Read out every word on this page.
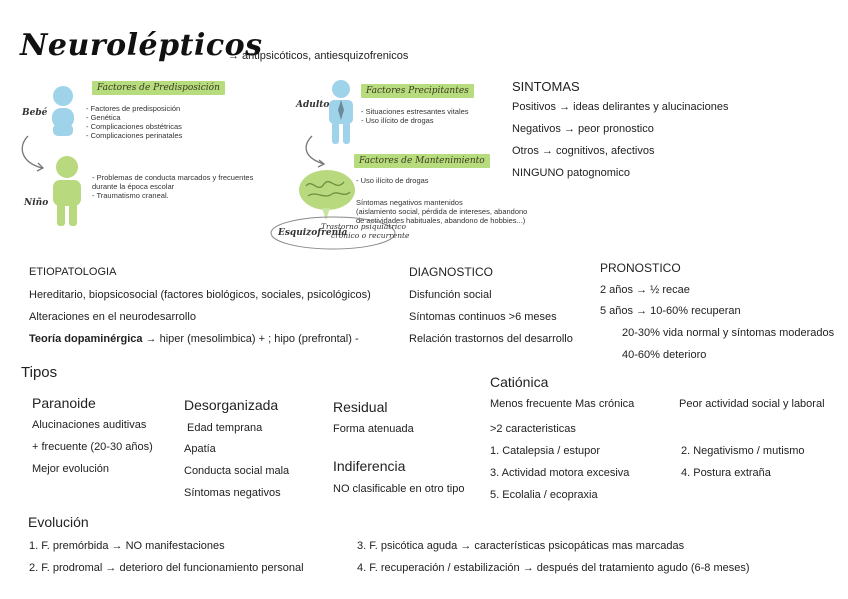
Neurolépticos
→ antipsicóticos, antiesquizofrenicos
Bebé
Niño
Factores de Predisposición
- Factores de predisposición
- Genética
- Complicaciones obstétricas
- Complicaciones perinatales
- Problemas de conducta marcados y frecuentes
durante la época escolar
- Traumatismo craneal.
Adulto
Factores Precipitantes
- Situaciones estresantes vitales
- Uso ilícito de drogas
Factores de Mantenimiento
- Uso ilícito de drogas
Síntomas negativos mantenidos
(aislamiento social, pérdida de intereses, abandono
de actividades habituales, abandono de hobbies...)
Esquizofrenia
Trastorno psiquiátrico
crónico o recurrente
SINTOMAS
Positivos → ideas delirantes y alucinaciones
Negativos → peor pronostico
Otros → cognitivos, afectivos
NINGUNO patognomico
ETIOPATOLOGIA
Hereditario, biopsicosocial (factores biológicos, sociales, psicológicos)
Alteraciones en el neurodesarrollo
Teoría dopaminérgica → hiper (mesolimbica) + ; hipo (prefrontal) -
DIAGNOSTICO
Disfunción social
Síntomas continuos >6 meses
Relación trastornos del desarrollo
PRONOSTICO
2 años → ½ recae
5 años → 10-60% recuperan
20-30% vida normal y síntomas moderados
40-60% deterioro
Tipos
Paranoide
Alucinaciones auditivas
+ frecuente (20-30 años)
Mejor evolución
Desorganizada
Edad temprana
Apatía
Conducta social mala
Síntomas negativos
Residual
Forma atenuada
Indiferencia
NO clasificable en otro tipo
Catiónica
Menos frecuente Mas crónica	Peor actividad social y laboral
>2 caracteristicas
1. Catalepsia / estupor
3. Actividad motora excesiva
5. Ecolalia / ecopraxia
2. Negativismo / mutismo
4. Postura extraña
Evolución
1. F. premórbida → NO manifestaciones
2. F. prodromal → deterioro del funcionamiento personal
3. F. psicótica aguda → características psicopáticas mas marcadas
4. F. recuperación / estabilización → después del tratamiento agudo (6-8 meses)
